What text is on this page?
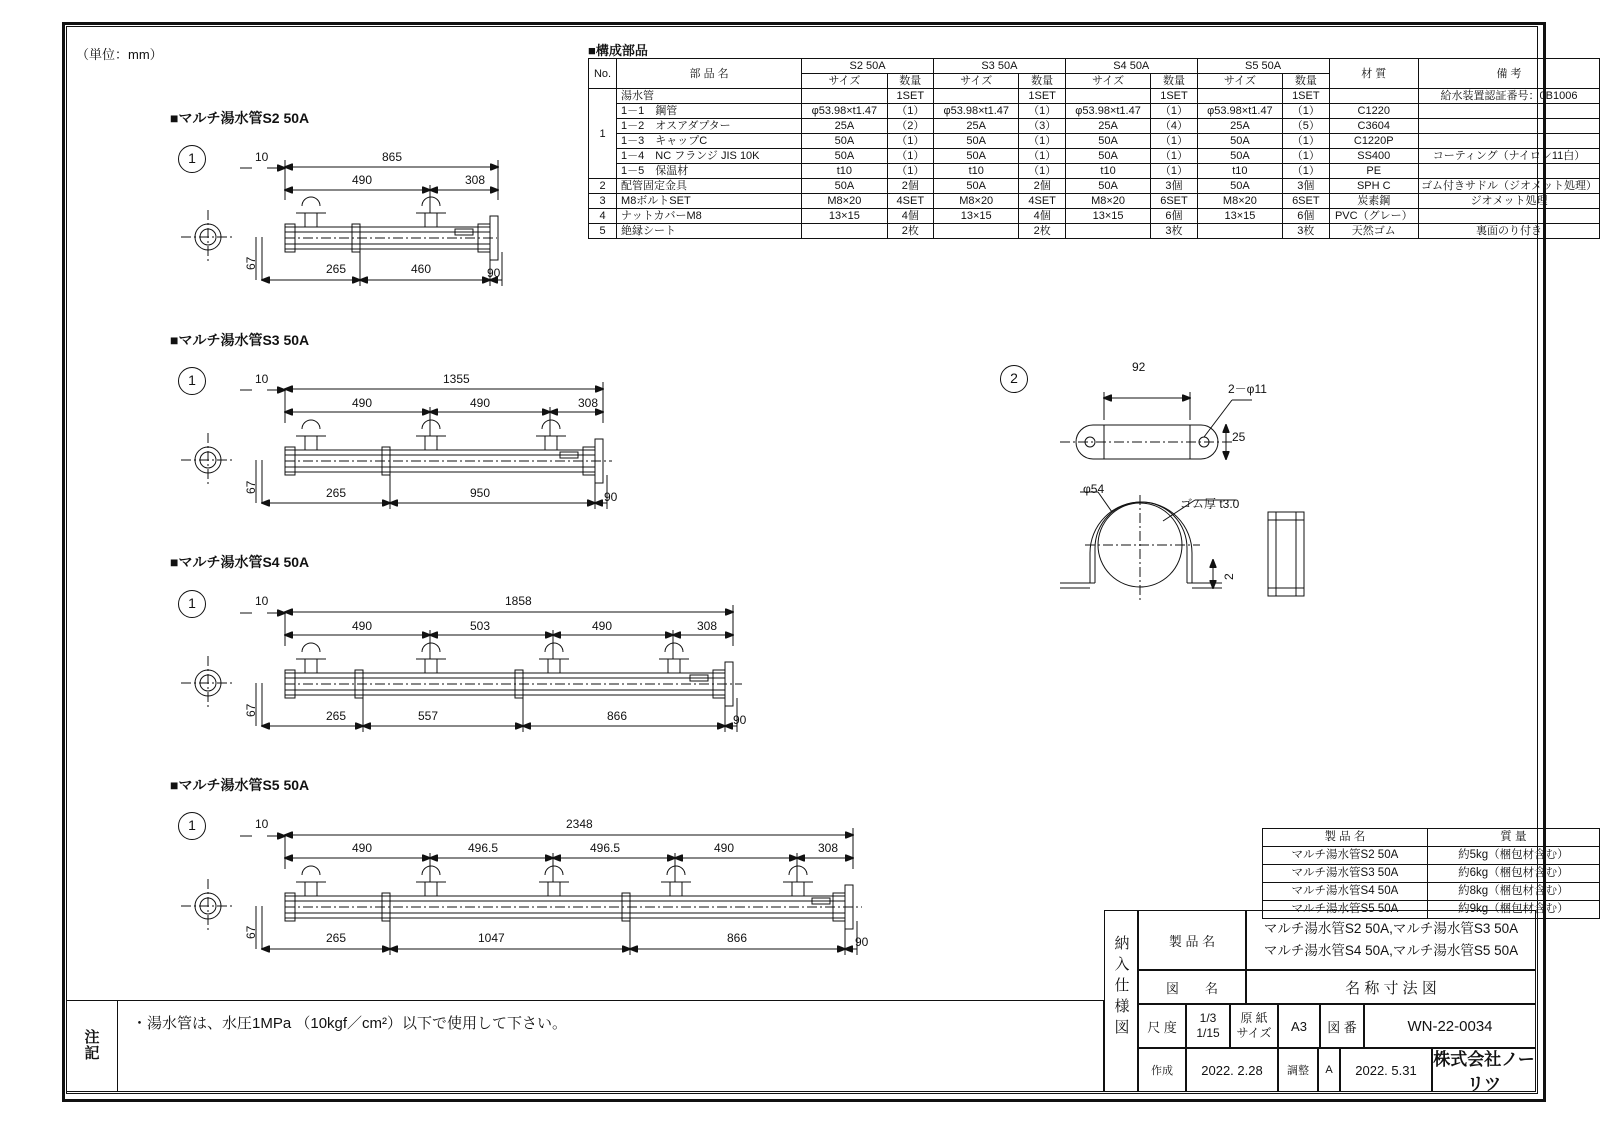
（単位：mm）	■構成部品
No.	部 品 名	S2 50A		S3 50A		S4 50A		S5 50A		材 質	備 考
		サイズ	数量	サイズ	数量	サイズ	数量	サイズ	数量		
1	湯水管		1SET		1SET		1SET		1SET		給水装置認証番号：0B1006
	1－1　鋼管	φ53.98×t1.47	（1）	φ53.98×t1.47	（1）	φ53.98×t1.47	（1）	φ53.98×t1.47	（1）	C1220	
	1－2　オスアダプター	25A	（2）	25A	（3）	25A	（4）	25A	（5）	C3604	
	1－3　キャップC	50A	（1）	50A	（1）	50A	（1）	50A	（1）	C1220P	
	1－4　NC フランジ JIS 10K	50A	（1）	50A	（1）	50A	（1）	50A	（1）	SS400	コーティング（ナイロン11白）
	1－5　保温材	t10	（1）	t10	（1）	t10	（1）	t10	（1）	PE	
2	配管固定金具	50A	2個	50A	2個	50A	3個	50A	3個	SPH C	ゴム付きサドル（ジオメット処理）
3	M8ボルトSET	M8×20	4SET	M8×20	4SET	M8×20	6SET	M8×20	6SET	炭素鋼	ジオメット処理
4	ナットカバーM8	13×15	4個	13×15	4個	13×15	6個	13×15	6個	PVC（グレー）	
5	絶縁シート		2枚		2枚		3枚		3枚	天然ゴム	裏面のり付き
■マルチ湯水管S2 50A
1	10	865
490	308
265	460	90
67
■マルチ湯水管S3 50A
1	10	1355
490	490	308
265	950	90
67
■マルチ湯水管S4 50A
1	10	1858
490	503	490	308
265	557	866	90
67
■マルチ湯水管S5 50A
1	10	2348
490	496.5	496.5	490	308
265	1047	866	90
67
2
92
2－φ11
25
φ54
ゴム厚 t3.0
2
製 品 名	質 量
マルチ湯水管S2 50A	約5kg（梱包材含む）
マルチ湯水管S3 50A	約6kg（梱包材含む）
マルチ湯水管S4 50A	約8kg（梱包材含む）
マルチ湯水管S5 50A	約9kg（梱包材含む）
注
記
・湯水管は、水圧1MPa （10kgf／cm²）以下で使用して下さい。
納
入
仕
様
図
製 品 名
マルチ湯水管S2 50A,マルチ湯水管S3 50A
マルチ湯水管S4 50A,マルチ湯水管S5 50A
図　　名	名 称 寸 法 図
尺 度
1/3
1/15
原 紙
サイズ	A3	図 番	WN-22-0034
作成	2022. 2.28	調整	A	2022. 5.31
株式会社ノーリツ
